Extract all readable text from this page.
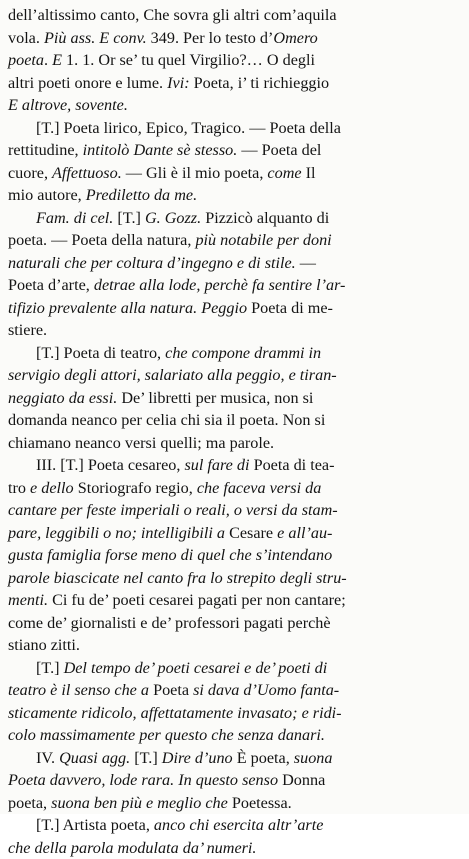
dell’altissimo canto, Che sovra gli altri com’aquila
vola. Più ass. E conv. 349. Per lo testo d’Omero
poeta. E 1. 1. Or se’ tu quel Virgilio?… O degli
altri poeti onore e lume. Ivi: Poeta, i’ ti richieggio
E altrove, sovente.
[T.] Poeta lirico, Epico, Tragico. — Poeta della
rettitudine, intitolò Dante sè stesso. — Poeta del
cuore, Affettuoso. — Gli è il mio poeta, come Il
mio autore, Prediletto da me.
Fam. di cel. [T.] G. Gozz. Pizzicò alquanto di
poeta. — Poeta della natura, più notabile per doni
naturali che per coltura d’ingegno e di stile. —
Poeta d’arte, detrae alla lode, perchè fa sentire l’ar-
tifizio prevalente alla natura. Peggio Poeta di me-
stiere.
[T.] Poeta di teatro, che compone drammi in
servigio degli attori, salariato alla peggio, e tiran-
neggiato da essi. De’ libretti per musica, non si
domanda neanco per celia chi sia il poeta. Non si
chiamano neanco versi quelli; ma parole.
III. [T.] Poeta cesareo, sul fare di Poeta di tea-
tro e dello Storiografo regio, che faceva versi da
cantare per feste imperiali o reali, o versi da stam-
pare, leggibili o no; intelligibili a Cesare e all’au-
gusta famiglia forse meno di quel che s’intendano
parole biascicate nel canto fra lo strepito degli stru-
menti. Ci fu de’ poeti cesarei pagati per non cantare;
come de’ giornalisti e de’ professori pagati perchè
stiano zitti.
[T.] Del tempo de’ poeti cesarei e de’ poeti di
teatro è il senso che a Poeta si dava d’Uomo fanta-
sticamente ridicolo, affettatamente invasato; e ridi-
colo massimamente per questo che senza danari.
IV. Quasi agg. [T.] Dire d’uno È poeta, suona
Poeta davvero, lode rara. In questo senso Donna
poeta, suona ben più e meglio che Poetessa.
[T.] Artista poeta, anco chi esercita altr’arte
che della parola modulata da’ numeri.
